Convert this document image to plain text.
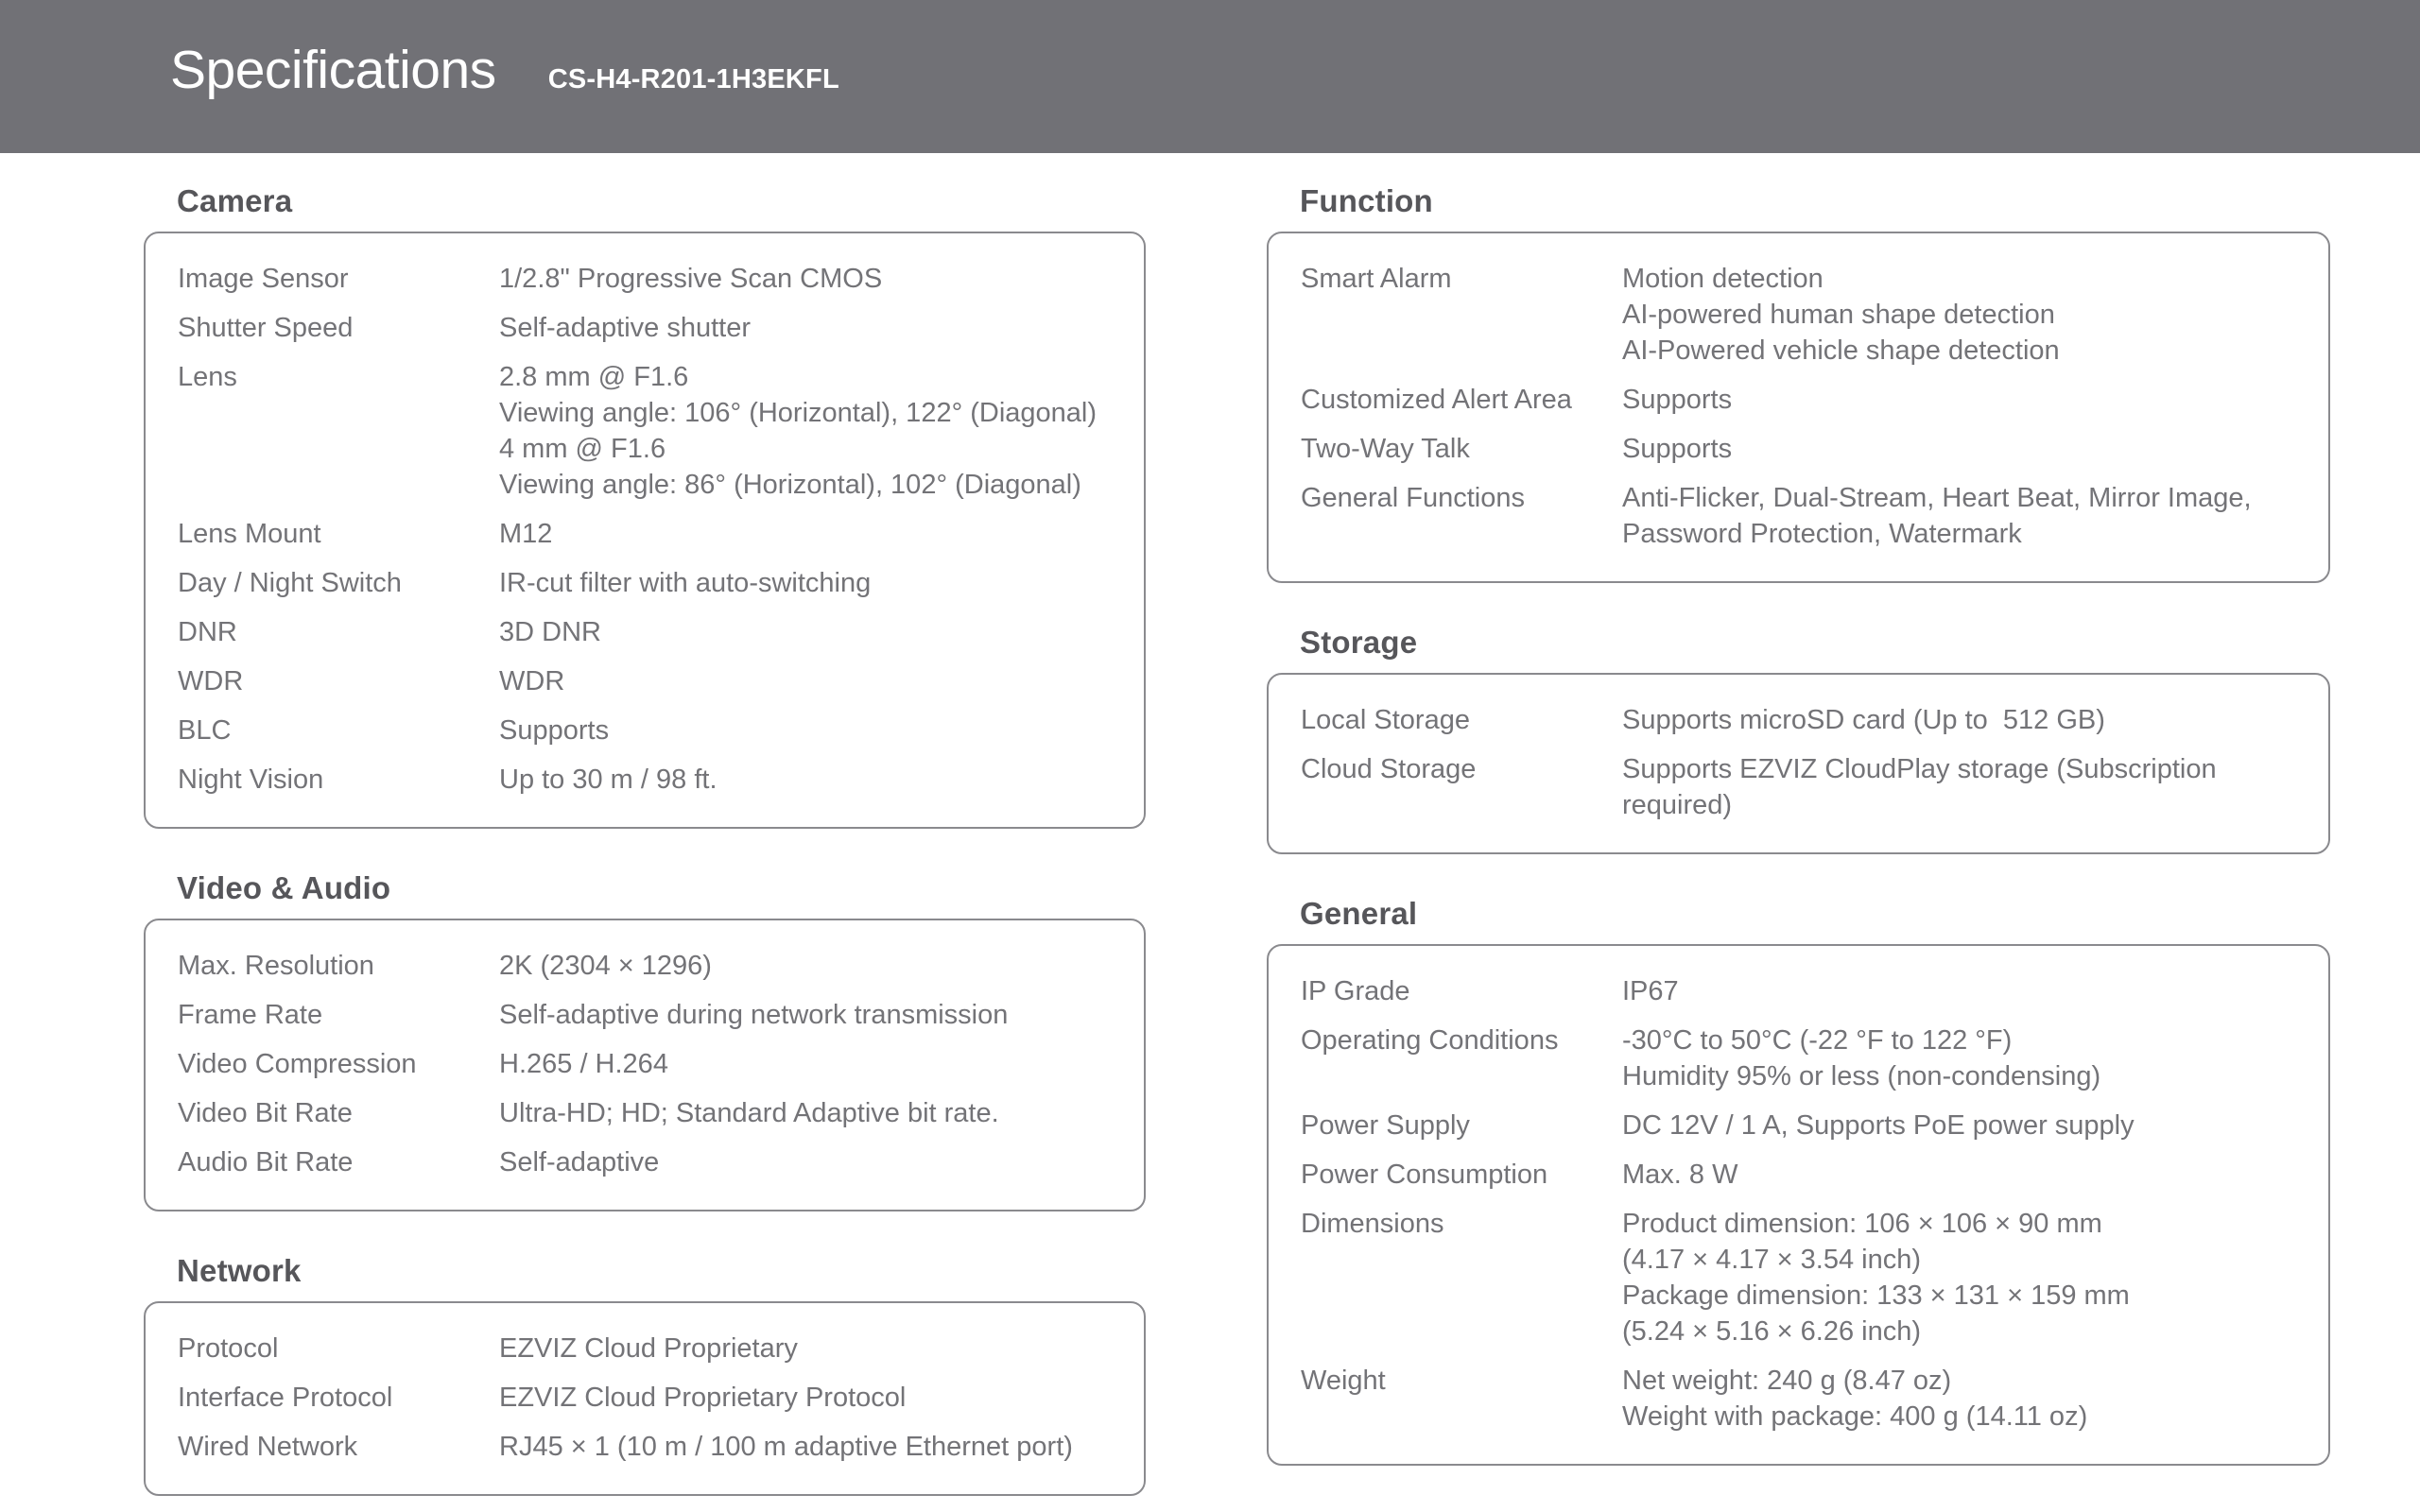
Specifications CS-H4-R201-1H3EKFL
Camera
Image Sensor	1/2.8" Progressive Scan CMOS
Shutter Speed	Self-adaptive shutter
Lens	2.8 mm @ F1.6
Viewing angle: 106° (Horizontal), 122° (Diagonal)
4 mm @ F1.6
Viewing angle: 86° (Horizontal), 102° (Diagonal)
Lens Mount	M12
Day / Night Switch	IR-cut filter with auto-switching
DNR	3D DNR
WDR	WDR
BLC	Supports
Night Vision	Up to 30 m / 98 ft.
Video & Audio
Max. Resolution	2K (2304 × 1296)
Frame Rate	Self-adaptive during network transmission
Video Compression	H.265 / H.264
Video Bit Rate	Ultra-HD; HD; Standard Adaptive bit rate.
Audio Bit Rate	Self-adaptive
Network
Protocol	EZVIZ Cloud Proprietary
Interface Protocol	EZVIZ Cloud Proprietary Protocol
Wired Network	RJ45 × 1 (10 m / 100 m adaptive Ethernet port)
Function
Smart Alarm	Motion detection
AI-powered human shape detection
AI-Powered vehicle shape detection
Customized Alert Area	Supports
Two-Way Talk	Supports
General Functions	Anti-Flicker, Dual-Stream, Heart Beat, Mirror Image,
Password Protection, Watermark
Storage
Local Storage	Supports microSD card (Up to  512 GB)
Cloud Storage	Supports EZVIZ CloudPlay storage (Subscription required)
General
IP Grade	IP67
Operating Conditions	-30°C to 50°C (-22 °F to 122 °F)
Humidity 95% or less (non-condensing)
Power Supply	DC 12V / 1 A, Supports PoE power supply
Power Consumption	Max. 8 W
Dimensions	Product dimension: 106 × 106 × 90 mm
(4.17 × 4.17 × 3.54 inch)
Package dimension: 133 × 131 × 159 mm
(5.24 × 5.16 × 6.26 inch)
Weight	Net weight: 240 g (8.47 oz)
Weight with package: 400 g (14.11 oz)
